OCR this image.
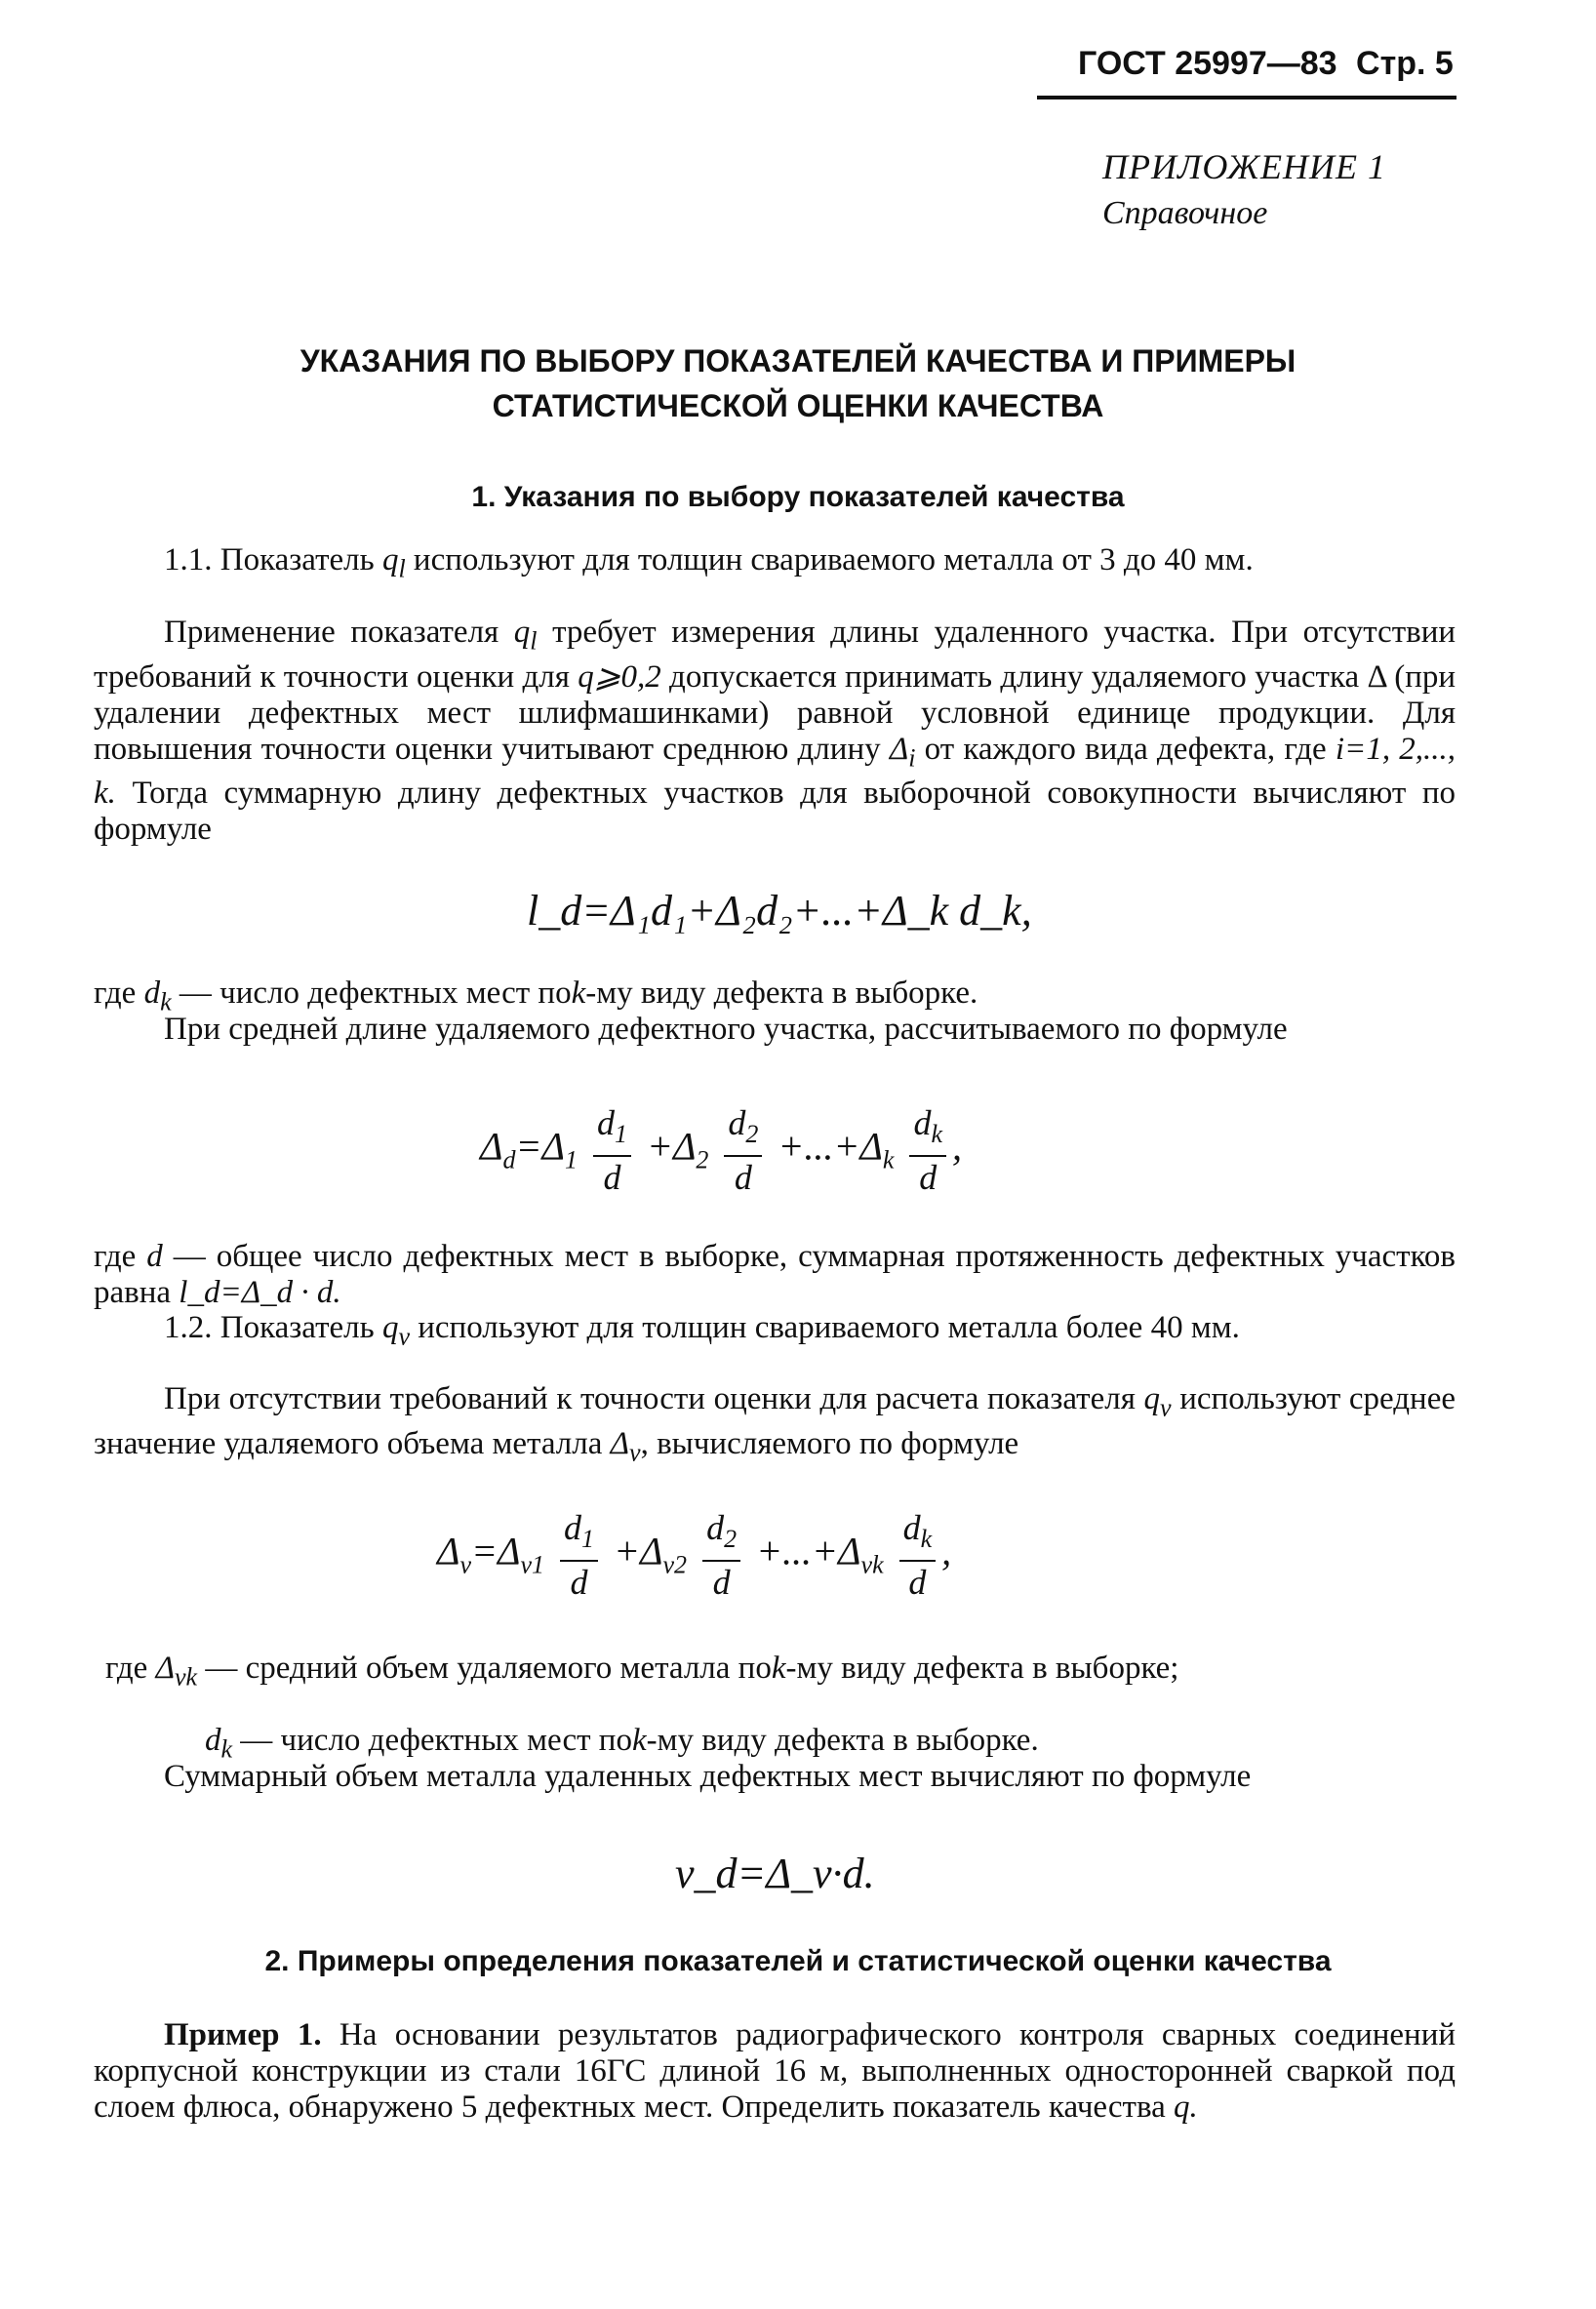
ГОСТ 25997—83 Стр. 5
ПРИЛОЖЕНИЕ 1
Справочное
УКАЗАНИЯ ПО ВЫБОРУ ПОКАЗАТЕЛЕЙ КАЧЕСТВА И ПРИМЕРЫ
СТАТИСТИЧЕСКОЙ ОЦЕНКИ КАЧЕСТВА
1. Указания по выбору показателей качества
1.1. Показатель $q_l$ используют для толщин свариваемого металла от 3 до 40 мм.
Применение показателя $q_l$ требует измерения длины удаленного участка. При отсутствии требований к точности оценки для q⩾0,2 допускается принимать длину удаляемого участка Δ (при удалении дефектных мест шлифмашинками) равной условной единице продукции. Для повышения точности оценки учитывают среднюю длину $\Delta_i$ от каждого вида дефекта, где i=1, 2,..., k. Тогда суммарную длину дефектных участков для выборочной совокупности вычисляют по формуле
l_d=Δ₁d₁+Δ₂d₂+...+Δ_k d_k,
где $d_k$ — число дефектных мест поk-му виду дефекта в выборке.
При средней длине удаляемого дефектного участка, рассчитываемого по формуле
$\Delta_d=\Delta_1 \frac{d_1}{d} +\Delta_2 \frac{d_2}{d} +...+\Delta_k \frac{d_k}{d}$ ,
где d — общее число дефектных мест в выборке, суммарная протяженность дефектных участков равна l_d=Δ_d · d.
1.2. Показатель $q_v$ используют для толщин свариваемого металла более 40 мм.
При отсутствии требований к точности оценки для расчета показателя $q_v$ используют среднее значение удаляемого объема металла $\Delta_v$, вычисляемого по формуле
$\Delta_v=\Delta_{v1} \frac{d_1}{d} +\Delta_{v2} \frac{d_2}{d} +...+\Delta_{vk} \frac{d_k}{d}$ ,
где $\Delta_{vk}$ — средний объем удаляемого металла поk-му виду дефекта в выборке;
$d_k$ — число дефектных мест поk-му виду дефекта в выборке.
Суммарный объем металла удаленных дефектных мест вычисляют по формуле
v_d=Δ_v·d.
2. Примеры определения показателей и статистической оценки качества
Пример 1. На основании результатов радиографического контроля сварных соединений корпусной конструкции из стали 16ГС длиной 16 м, выполненных односторонней сваркой под слоем флюса, обнаружено 5 дефектных мест. Определить показатель качества q.
